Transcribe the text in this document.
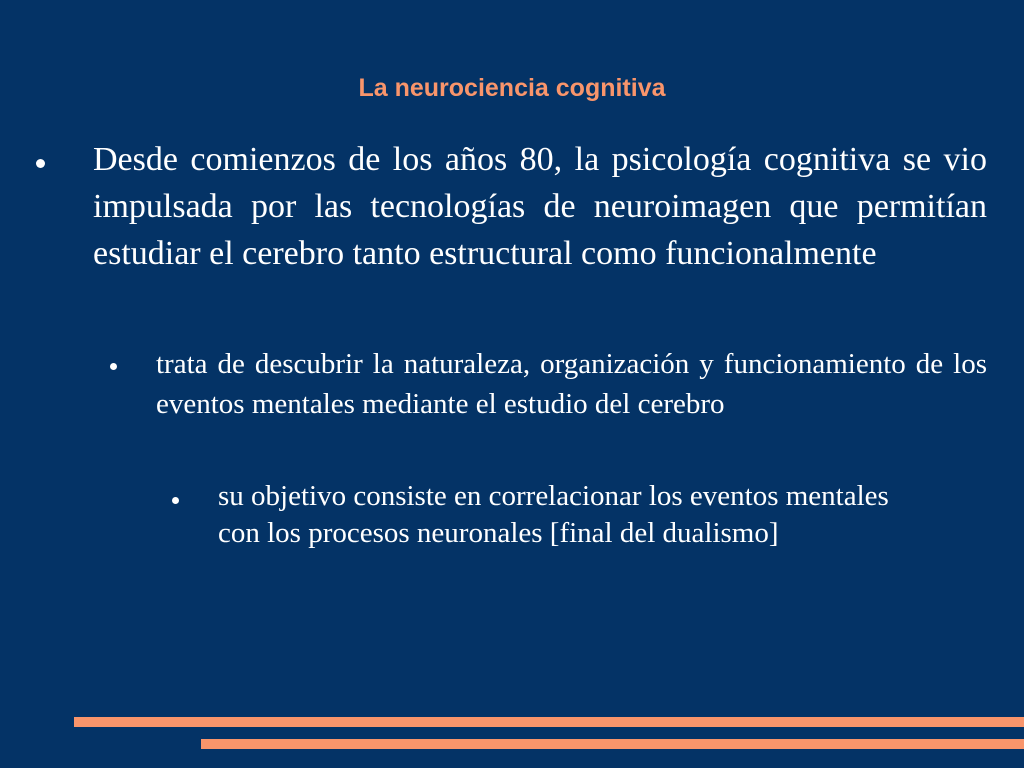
La neurociencia cognitiva
Desde comienzos de los años 80, la psicología cognitiva se vio impulsada por las tecnologías de neuroimagen que permitían estudiar el cerebro tanto estructural como funcionalmente
trata de descubrir la naturaleza, organización y funcionamiento de los eventos mentales mediante el estudio del cerebro
su objetivo consiste en correlacionar los eventos mentales con los procesos neuronales [final del dualismo]
